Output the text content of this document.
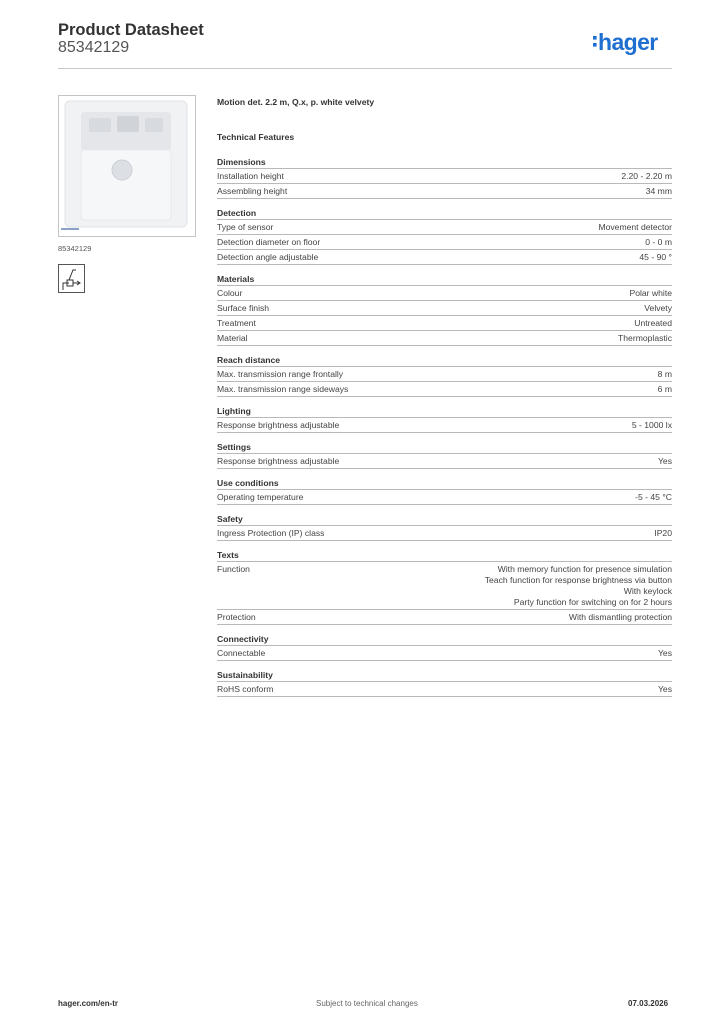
Product Datasheet
85342129	hager
85342129
Motion det. 2.2 m, Q.x, p. white velvety
Technical Features
Dimensions
Installation height	2.20 - 2.20 m
Assembling height	34 mm
Detection
Type of sensor	Movement detector
Detection diameter on floor	0 - 0 m
Detection angle adjustable	45 - 90 °
Materials
Colour	Polar white
Surface finish	Velvety
Treatment	Untreated
Material	Thermoplastic
Reach distance
Max. transmission range frontally	8 m
Max. transmission range sideways	6 m
Lighting
Response brightness adjustable	5 - 1000 lx
Settings
Response brightness adjustable	Yes
Use conditions
Operating temperature	-5 - 45 °C
Safety
Ingress Protection (IP) class	IP20
Texts
Function	With memory function for presence simulation
Teach function for response brightness via button
With keylock
Party function for switching on for 2 hours
Protection	With dismantling protection
Connectivity
Connectable	Yes
Sustainability
RoHS conform	Yes
hager.com/en-tr	Subject to technical changes	07.03.2026
